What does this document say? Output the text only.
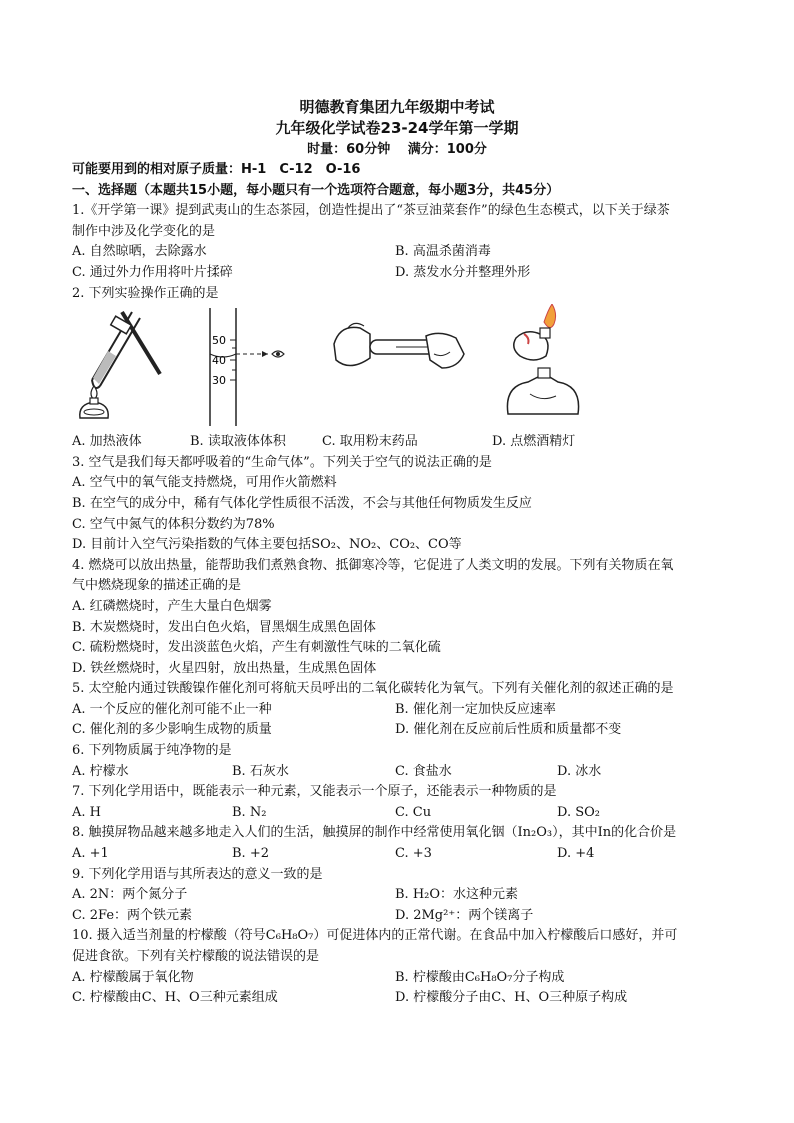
明德教育集团九年级期中考试
九年级化学试卷23-24学年第一学期
时量：60分钟　 满分：100分
可能要用到的相对原子质量：H-1　C-12　O-16
一、选择题（本题共15小题，每小题只有一个选项符合题意，每小题3分，共45分）
1.《开学第一课》提到武夷山的生态茶园，创造性提出了“茶豆油菜套作”的绿色生态模式，以下关于绿茶
制作中涉及化学变化的是
A. 自然晾晒，去除露水	B. 高温杀菌消毒
C. 通过外力作用将叶片揉碎	D. 蒸发水分并整理外形
2. 下列实验操作正确的是
50
40
30
A. 加热液体	B. 读取液体体积	C. 取用粉末药品	D. 点燃酒精灯
3. 空气是我们每天都呼吸着的“生命气体”。下列关于空气的说法正确的是
A. 空气中的氧气能支持燃烧，可用作火箭燃料
B. 在空气的成分中，稀有气体化学性质很不活泼，不会与其他任何物质发生反应
C. 空气中氮气的体积分数约为78%
D. 目前计入空气污染指数的气体主要包括SO₂、NO₂、CO₂、CO等
4. 燃烧可以放出热量，能帮助我们煮熟食物、抵御寒冷等，它促进了人类文明的发展。下列有关物质在氧
气中燃烧现象的描述正确的是
A. 红磷燃烧时，产生大量白色烟雾
B. 木炭燃烧时，发出白色火焰，冒黑烟生成黑色固体
C. 硫粉燃烧时，发出淡蓝色火焰，产生有刺激性气味的二氧化硫
D. 铁丝燃烧时，火星四射，放出热量，生成黑色固体
5. 太空舱内通过铁酸镍作催化剂可将航天员呼出的二氧化碳转化为氧气。下列有关催化剂的叙述正确的是
A. 一个反应的催化剂可能不止一种	B. 催化剂一定加快反应速率
C. 催化剂的多少影响生成物的质量	D. 催化剂在反应前后性质和质量都不变
6. 下列物质属于纯净物的是
A. 柠檬水	B. 石灰水	C. 食盐水	D. 冰水
7. 下列化学用语中，既能表示一种元素，又能表示一个原子，还能表示一种物质的是
A. H	B. N₂	C. Cu	D. SO₂
8. 触摸屏物品越来越多地走入人们的生活，触摸屏的制作中经常使用氧化铟（In₂O₃），其中In的化合价是
A. +1	B. +2	C. +3	D. +4
9. 下列化学用语与其所表达的意义一致的是
A. 2N：两个氮分子	B. H₂O：水这种元素
C. 2Fe：两个铁元素	D. 2Mg²⁺：两个镁离子
10. 摄入适当剂量的柠檬酸（符号C₆H₈O₇）可促进体内的正常代谢。在食品中加入柠檬酸后口感好，并可
促进食欲。下列有关柠檬酸的说法错误的是
A. 柠檬酸属于氧化物	B. 柠檬酸由C₆H₈O₇分子构成
C. 柠檬酸由C、H、O三种元素组成	D. 柠檬酸分子由C、H、O三种原子构成
